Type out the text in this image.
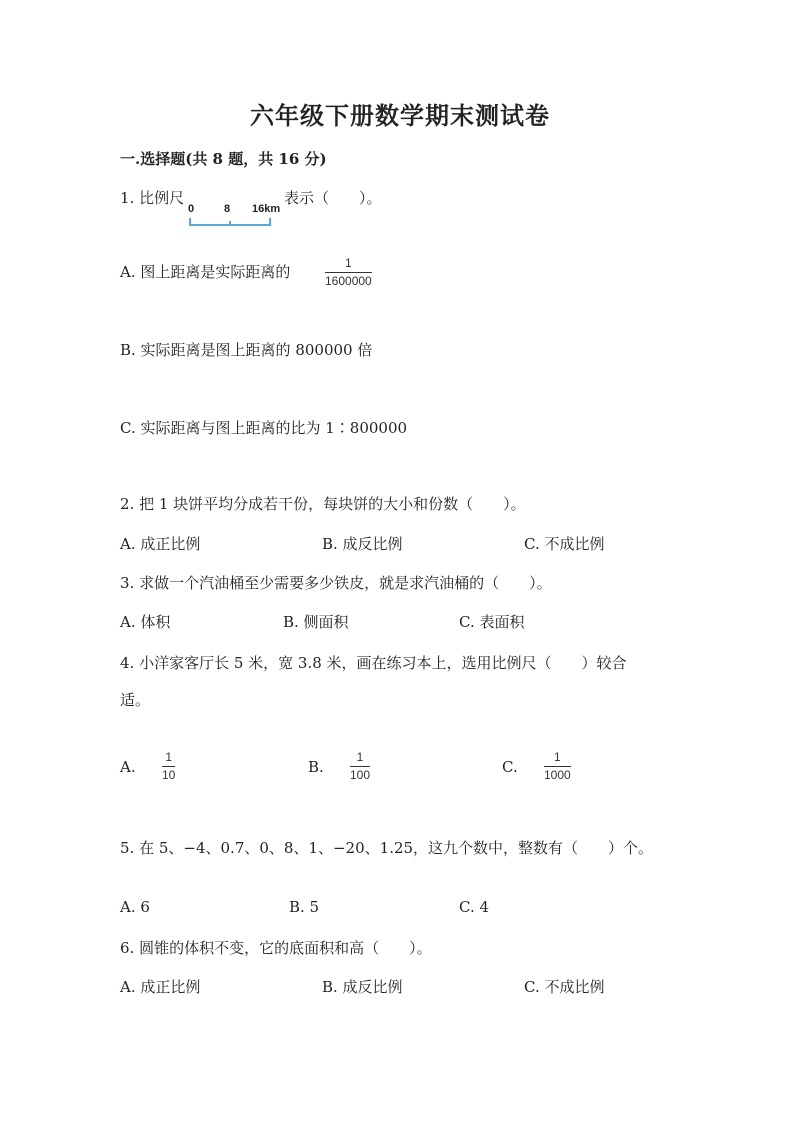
六年级下册数学期末测试卷
一.选择题(共 8 题，共 16 分)
1. 比例尺
0	8 16km
表示（　　）。
A. 图上距离是实际距离的	1
1600000
B. 实际距离是图上距离的 800000 倍
C. 实际距离与图上距离的比为 1∶800000
2. 把 1 块饼平均分成若干份，每块饼的大小和份数（　　）。
A. 成正比例	B. 成反比例	C. 不成比例
3. 求做一个汽油桶至少需要多少铁皮，就是求汽油桶的（　　）。
A. 体积	B. 侧面积	C. 表面积
4. 小洋家客厅长 5 米，宽 3.8 米，画在练习本上，选用比例尺（　　）较合
适。
A.
1
10	B.
1
100	C.
1
1000
5. 在 5、−4、0.7、0、8、1、−20、1.25，这九个数中，整数有（　　）个。
A. 6	B. 5	C. 4
6. 圆锥的体积不变，它的底面积和高（　　）。
A. 成正比例	B. 成反比例	C. 不成比例
